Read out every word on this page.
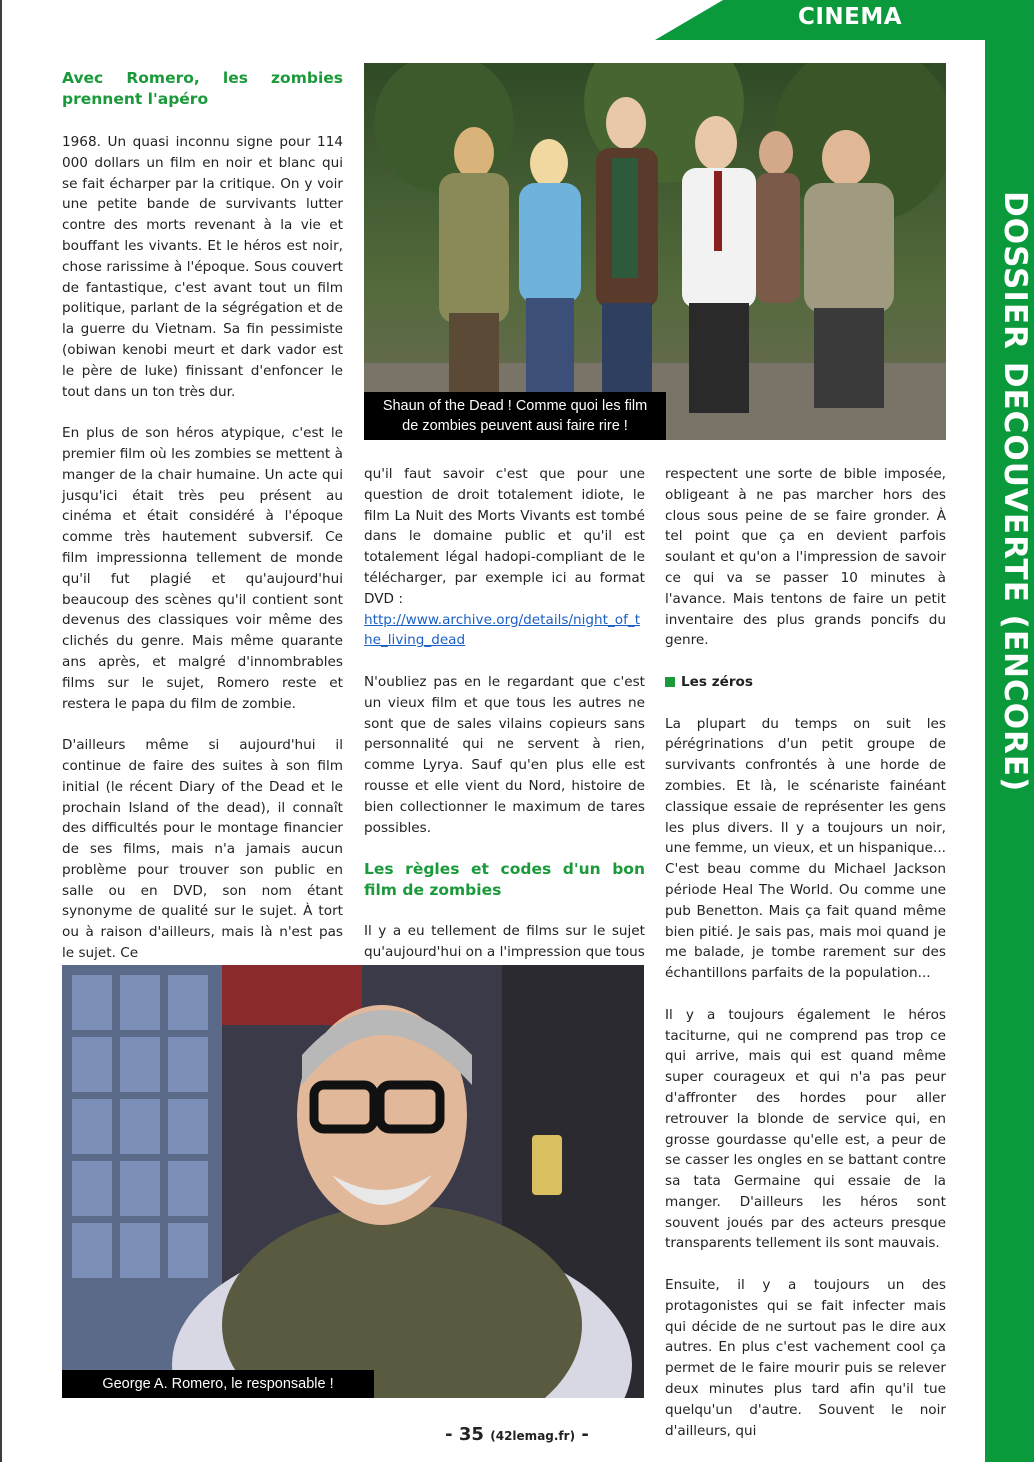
CINEMA
DOSSIER DECOUVERTE (ENCORE)
Avec Romero, les zombies prennent l'apéro

1968. Un quasi inconnu signe pour 114 000 dollars un film en noir et blanc qui se fait écharper par la critique. On y voir une petite bande de survivants lutter contre des morts revenant à la vie et bouffant les vivants. Et le héros est noir, chose rarissime à l'époque. Sous couvert de fantastique, c'est avant tout un film politique, parlant de la ségrégation et de la guerre du Vietnam. Sa fin pessimiste (obiwan kenobi meurt et dark vador est le père de luke) finissant d'enfoncer le tout dans un ton très dur.

En plus de son héros atypique, c'est le premier film où les zombies se mettent à manger de la chair humaine. Un acte qui jusqu'ici était très peu présent au cinéma et était considéré à l'époque comme très hautement subversif. Ce film impressionna tellement de monde qu'il fut plagié et qu'aujourd'hui beaucoup des scènes qu'il contient sont devenus des classiques voir même des clichés du genre. Mais même quarante ans après, et malgré d'innombrables films sur le sujet, Romero reste et restera le papa du film de zombie.

D'ailleurs même si aujourd'hui il continue de faire des suites à son film initial (le récent Diary of the Dead et le prochain Island of the dead), il connaît des difficultés pour le montage financier de ses films, mais n'a jamais aucun problème pour trouver son public en salle ou en DVD, son nom étant synonyme de qualité sur le sujet. À tort ou à raison d'ailleurs, mais là n'est pas le sujet. Ce

Shaun of the Dead ! Comme quoi les film de zombies peuvent ausi faire rire !

qu'il faut savoir c'est que pour une question de droit totalement idiote, le film La Nuit des Morts Vivants est tombé dans le domaine public et qu'il est totalement légal hadopi-compliant de le télécharger, par exemple ici au format DVD :

http://www.archive.org/details/night_of_the_living_dead

N'oubliez pas en le regardant que c'est un vieux film et que tous les autres ne sont que de sales vilains copieurs sans personnalité qui ne servent à rien, comme Lyrya. Sauf qu'en plus elle est rousse et elle vient du Nord, histoire de bien collectionner le maximum de tares possibles.

Les règles et codes d'un bon film de zombies

Il y a eu tellement de films sur le sujet qu'aujourd'hui on a l'impression que tous

respectent une sorte de bible imposée, obligeant à ne pas marcher hors des clous sous peine de se faire gronder. À tel point que ça en devient parfois soulant et qu'on a l'impression de savoir ce qui va se passer 10 minutes à l'avance. Mais tentons de faire un petit inventaire des plus grands poncifs du genre.

Les zéros

La plupart du temps on suit les pérégrinations d'un petit groupe de survivants confrontés à une horde de zombies. Et là, le scénariste fainéant classique essaie de représenter les gens les plus divers. Il y a toujours un noir, une femme, un vieux, et un hispanique... C'est beau comme du Michael Jackson période Heal The World. Ou comme une pub Benetton. Mais ça fait quand même bien pitié. Je sais pas, mais moi quand je me balade, je tombe rarement sur des échantillons parfaits de la population...

Il y a toujours également le héros taciturne, qui ne comprend pas trop ce qui arrive, mais qui est quand même super courageux et qui n'a pas peur d'affronter des hordes pour aller retrouver la blonde de service qui, en grosse gourdasse qu'elle est, a peur de se casser les ongles en se battant contre sa tata Germaine qui essaie de la manger. D'ailleurs les héros sont souvent joués par des acteurs presque transparents tellement ils sont mauvais.

Ensuite, il y a toujours un des protagonistes qui se fait infecter mais qui décide de ne surtout pas le dire aux autres. En plus c'est vachement cool ça permet de le faire mourir puis se relever deux minutes plus tard afin qu'il tue quelqu'un d'autre. Souvent le noir d'ailleurs, qui

George A. Romero, le responsable !
- 35 (42lemag.fr) -
